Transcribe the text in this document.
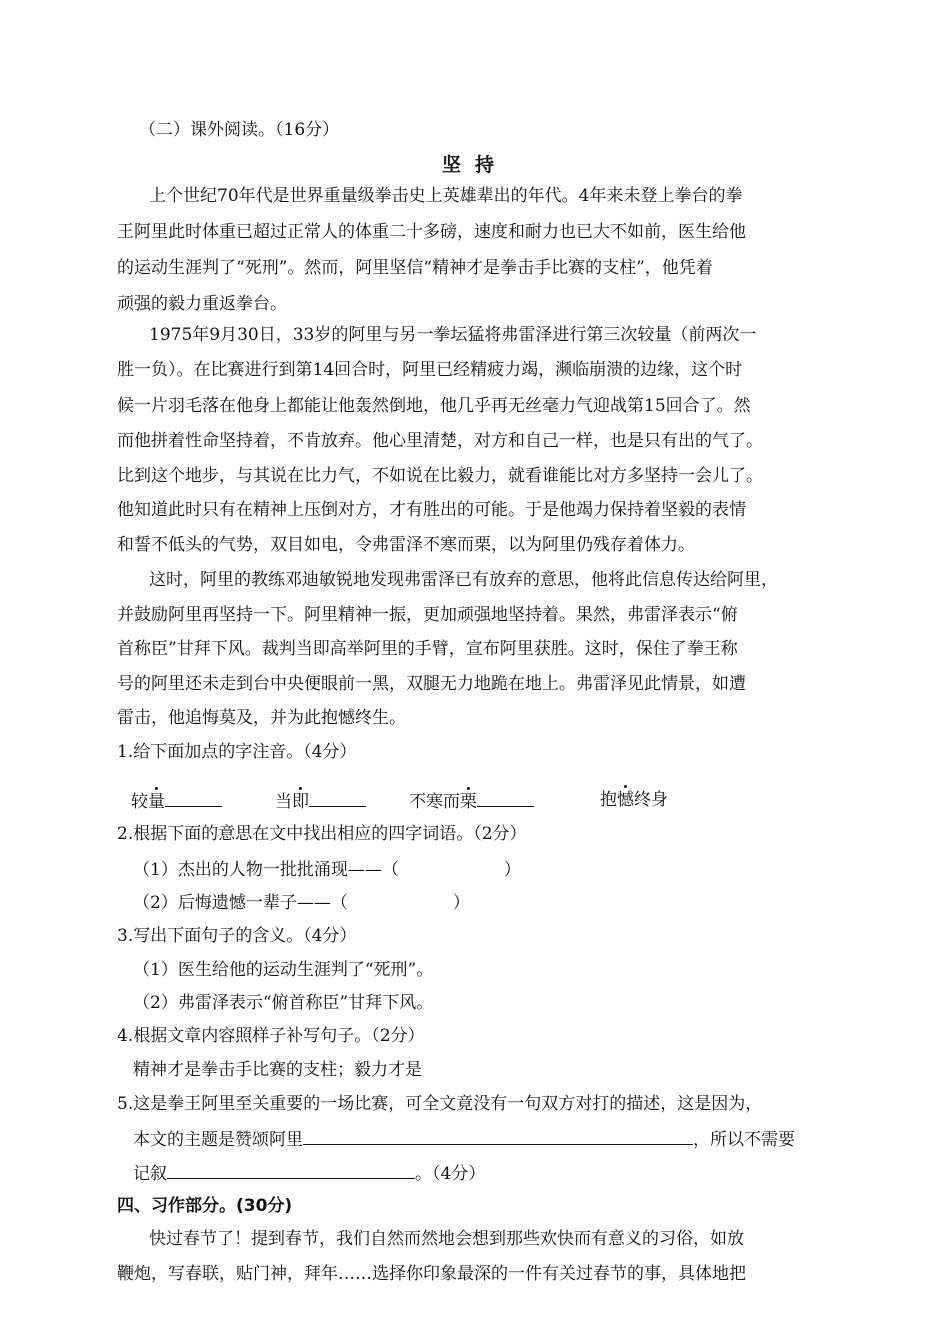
（二）课外阅读。（16分）
坚持
上个世纪70年代是世界重量级拳击史上英雄辈出的年代。4年来未登上拳台的拳
王阿里此时体重已超过正常人的体重二十多磅，速度和耐力也已大不如前，医生给他
的运动生涯判了“死刑”。然而，阿里坚信“精神才是拳击手比赛的支柱”，他凭着
顽强的毅力重返拳台。
1975年9月30日，33岁的阿里与另一拳坛猛将弗雷泽进行第三次较量（前两次一
胜一负）。在比赛进行到第14回合时，阿里已经精疲力竭，濒临崩溃的边缘，这个时
候一片羽毛落在他身上都能让他轰然倒地，他几乎再无丝毫力气迎战第15回合了。然
而他拼着性命坚持着，不肯放弃。他心里清楚，对方和自己一样，也是只有出的气了。
比到这个地步，与其说在比力气，不如说在比毅力，就看谁能比对方多坚持一会儿了。
他知道此时只有在精神上压倒对方，才有胜出的可能。于是他竭力保持着坚毅的表情
和誓不低头的气势，双目如电，令弗雷泽不寒而栗，以为阿里仍残存着体力。
这时，阿里的教练邓迪敏锐地发现弗雷泽已有放弃的意思，他将此信息传达给阿里，
并鼓励阿里再坚持一下。阿里精神一振，更加顽强地坚持着。果然，弗雷泽表示“俯
首称臣”甘拜下风。裁判当即高举阿里的手臂，宣布阿里获胜。这时，保住了拳王称
号的阿里还未走到台中央便眼前一黑，双腿无力地跪在地上。弗雷泽见此情景，如遭
雷击，他追悔莫及，并为此抱憾终生。
1.给下面加点的字注音。（4分）
较量	当即	不寒而栗	抱憾终身
2.根据下面的意思在文中找出相应的四字词语。（2分）
（1）杰出的人物一批批涌现——（	）
（2）后悔遗憾一辈子——（	）
3.写出下面句子的含义。（4分）
（1）医生给他的运动生涯判了“死刑”。
（2）弗雷泽表示“俯首称臣”甘拜下风。
4.根据文章内容照样子补写句子。（2分）
精神才是拳击手比赛的支柱；毅力才是
5.这是拳王阿里至关重要的一场比赛，可全文竟没有一句双方对打的描述，这是因为，
本文的主题是赞颂阿里	，所以不需要
记叙	。（4分）
四、习作部分。(30分)
快过春节了！提到春节，我们自然而然地会想到那些欢快而有意义的习俗，如放
鞭炮，写春联，贴门神，拜年……选择你印象最深的一件有关过春节的事，具体地把
